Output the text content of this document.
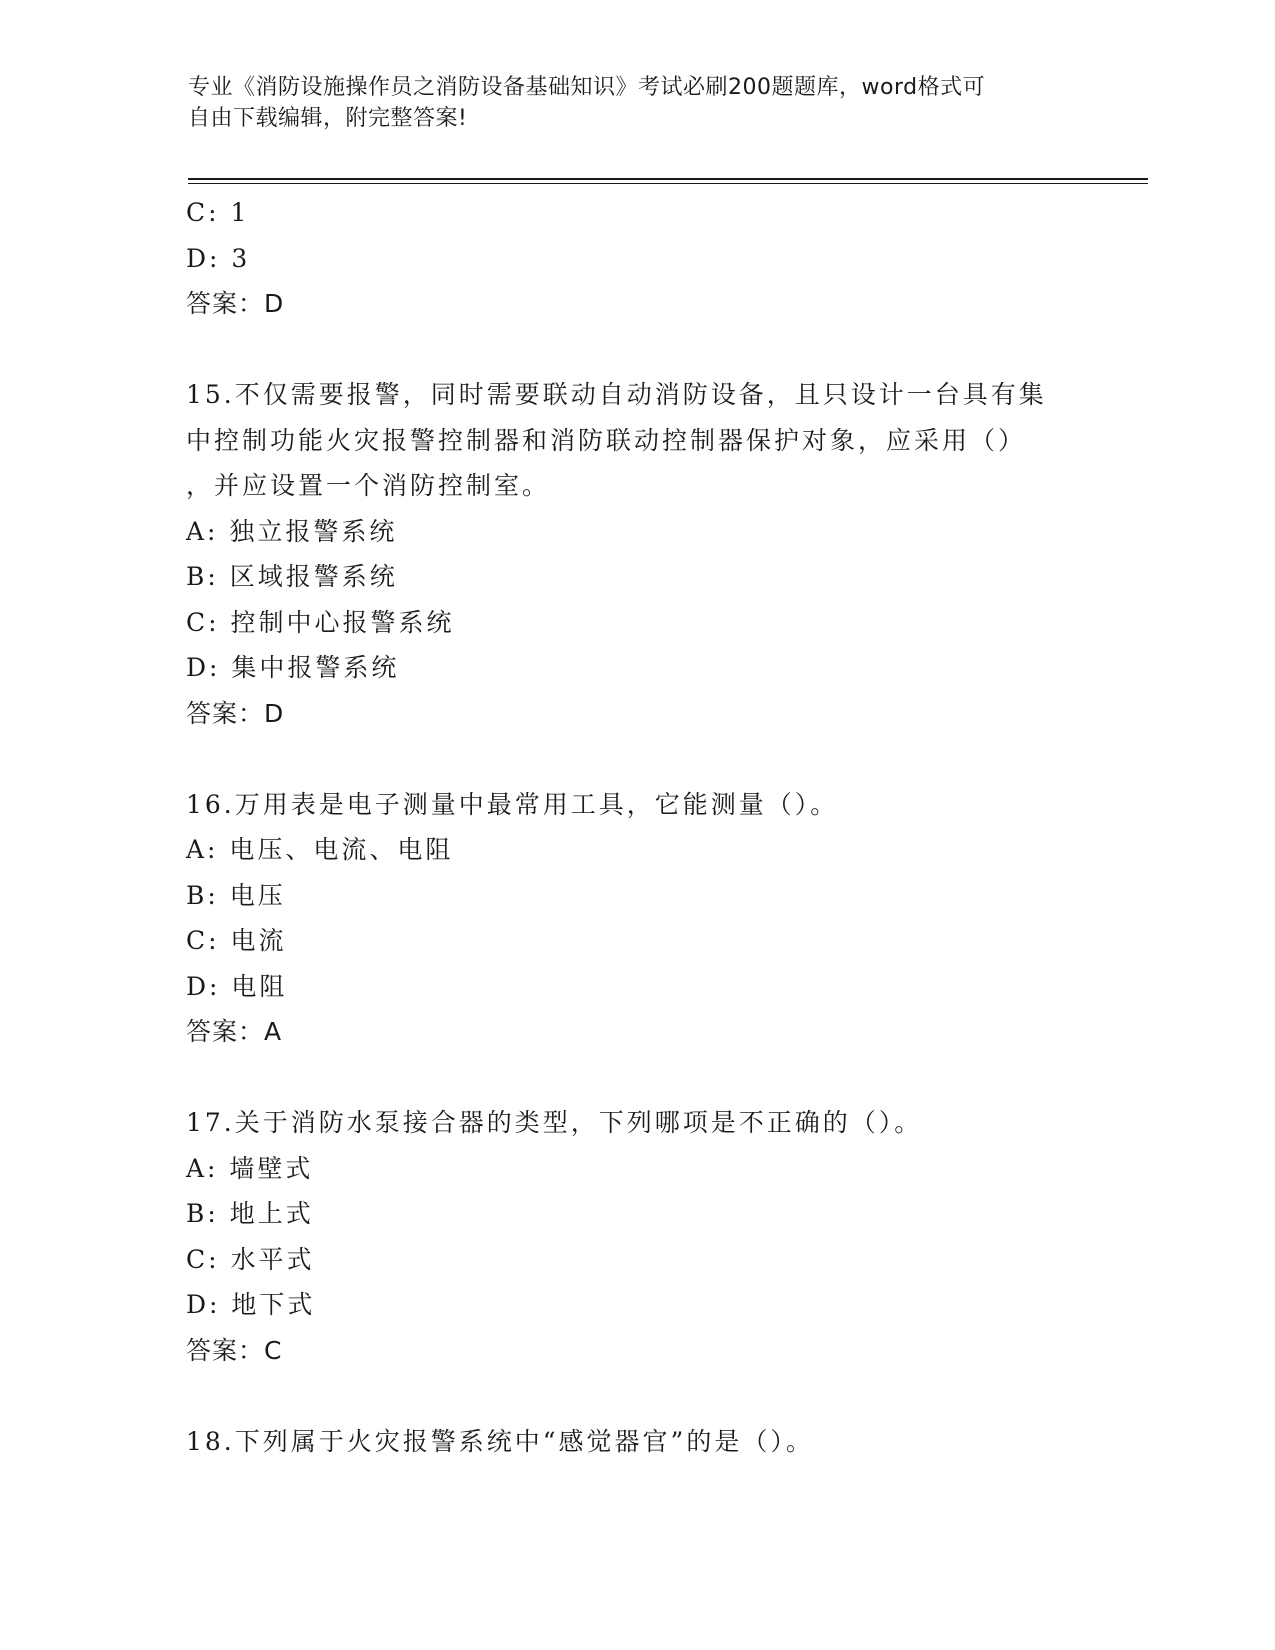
专业《消防设施操作员之消防设备基础知识》考试必刷200题题库，word格式可
自由下载编辑，附完整答案!
C: 1
D: 3
答案：D
15.不仅需要报警，同时需要联动自动消防设备，且只设计一台具有集
中控制功能火灾报警控制器和消防联动控制器保护对象，应采用（）
，并应设置一个消防控制室。
A: 独立报警系统
B: 区域报警系统
C: 控制中心报警系统
D: 集中报警系统
答案：D
16.万用表是电子测量中最常用工具，它能测量（）。
A: 电压、电流、电阻
B: 电压
C: 电流
D: 电阻
答案：A
17.关于消防水泵接合器的类型，下列哪项是不正确的（）。
A: 墙壁式
B: 地上式
C: 水平式
D: 地下式
答案：C
18.下列属于火灾报警系统中“感觉器官”的是（）。
